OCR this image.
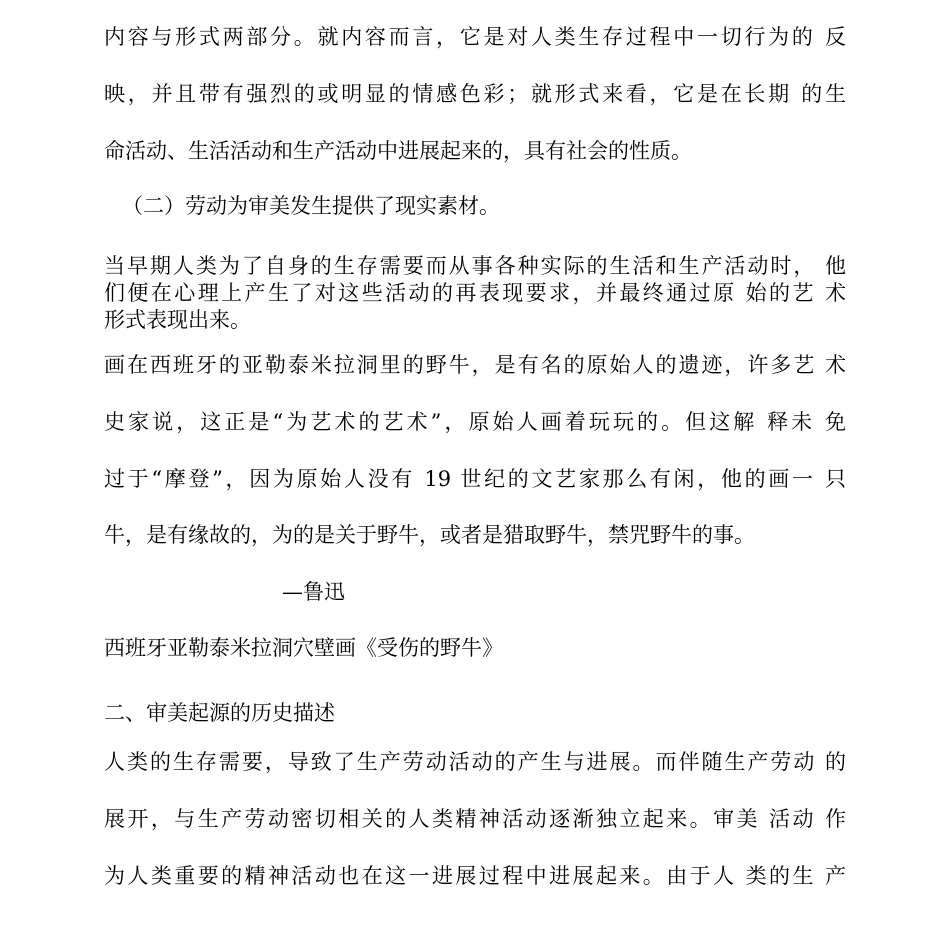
内容与形式两部分。就内容而言，它是对人类生存过程中一切行为的 反
映，并且带有强烈的或明显的情感色彩；就形式来看，它是在长期 的生
命活动、生活活动和生产活动中进展起来的，具有社会的性质。
（二）劳动为审美发生提供了现实素材。
当早期人类为了自身的生存需要而从事各种实际的生活和生产活动时， 他
们便在心理上产生了对这些活动的再表现要求，并最终通过原 始的艺 术
形式表现出来。
画在西班牙的亚勒泰米拉洞里的野牛，是有名的原始人的遗迹，许多艺 术
史家说，这正是“为艺术的艺术”，原始人画着玩玩的。但这解 释未 免
过于“摩登”，因为原始人没有 19 世纪的文艺家那么有闲，他的画一 只
牛，是有缘故的，为的是关于野牛，或者是猎取野牛，禁咒野牛的事。
—鲁迅
西班牙亚勒泰米拉洞穴壁画《受伤的野牛》
二、审美起源的历史描述
人类的生存需要，导致了生产劳动活动的产生与进展。而伴随生产劳动 的
展开，与生产劳动密切相关的人类精神活动逐渐独立起来。审美 活动 作
为人类重要的精神活动也在这一进展过程中进展起来。由于人 类的生 产
